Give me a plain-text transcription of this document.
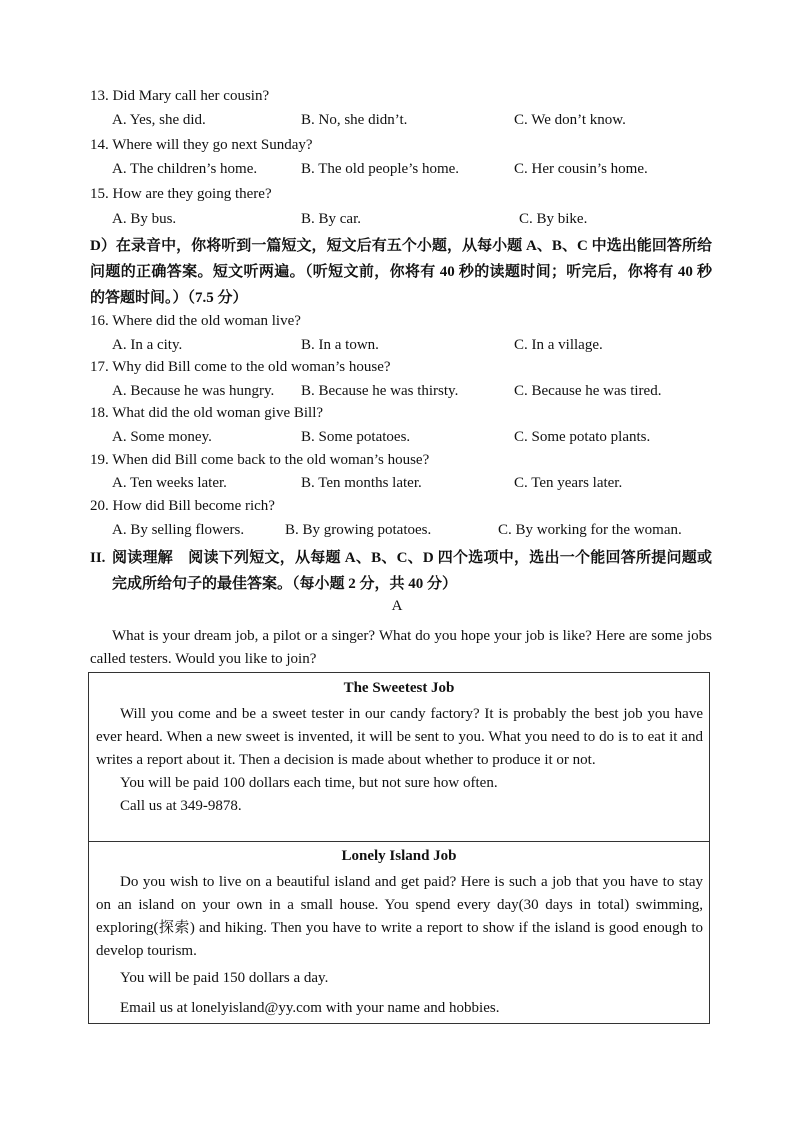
13. Did Mary call her cousin?
A. Yes, she did.	B. No, she didn’t.	C. We don’t know.
14. Where will they go next Sunday?
A. The children’s home.	B. The old people’s home.	C. Her cousin’s home.
15. How are they going there?
A. By bus.	B. By car.	C. By bike.
D）在录音中，你将听到一篇短文，短文后有五个小题，从每小题 A、B、C 中选出能回答所给问题的正确答案。短文听两遍。（听短文前，你将有 40 秒的读题时间；听完后，你将有 40 秒的答题时间。）（7.5 分）
16. Where did the old woman live?
A. In a city.	B. In a town.	C. In a village.
17. Why did Bill come to the old woman’s house?
A. Because he was hungry. B. Because he was thirsty.	C. Because he was tired.
18. What did the old woman give Bill?
A. Some money.	B. Some potatoes.	C. Some potato plants.
19. When did Bill come back to the old woman’s house?
A. Ten weeks later.	B. Ten months later.	C. Ten years later.
20. How did Bill become rich?
A. By selling flowers.	B. By growing potatoes.	C. By working for the woman.
II. 阅读理解　阅读下列短文，从每题 A、B、C、D 四个选项中，选出一个能回答所提问题或完成所给句子的最佳答案。（每小题 2 分，共 40 分）
A
What is your dream job, a pilot or a singer? What do you hope your job is like? Here are some jobs called testers. Would you like to join?
The Sweetest Job

Will you come and be a sweet tester in our candy factory? It is probably the best job you have ever heard. When a new sweet is invented, it will be sent to you. What you need to do is to eat it and writes a report about it. Then a decision is made about whether to produce it or not.

You will be paid 100 dollars each time, but not sure how often.

Call us at 349-9878.

Lonely Island Job

Do you wish to live on a beautiful island and get paid? Here is such a job that you have to stay on an island on your own in a small house. You spend every day(30 days in total) swimming, exploring(探索) and hiking. Then you have to write a report to show if the island is good enough to develop tourism.

You will be paid 150 dollars a day.

Email us at lonelyisland@yy.com with your name and hobbies.
